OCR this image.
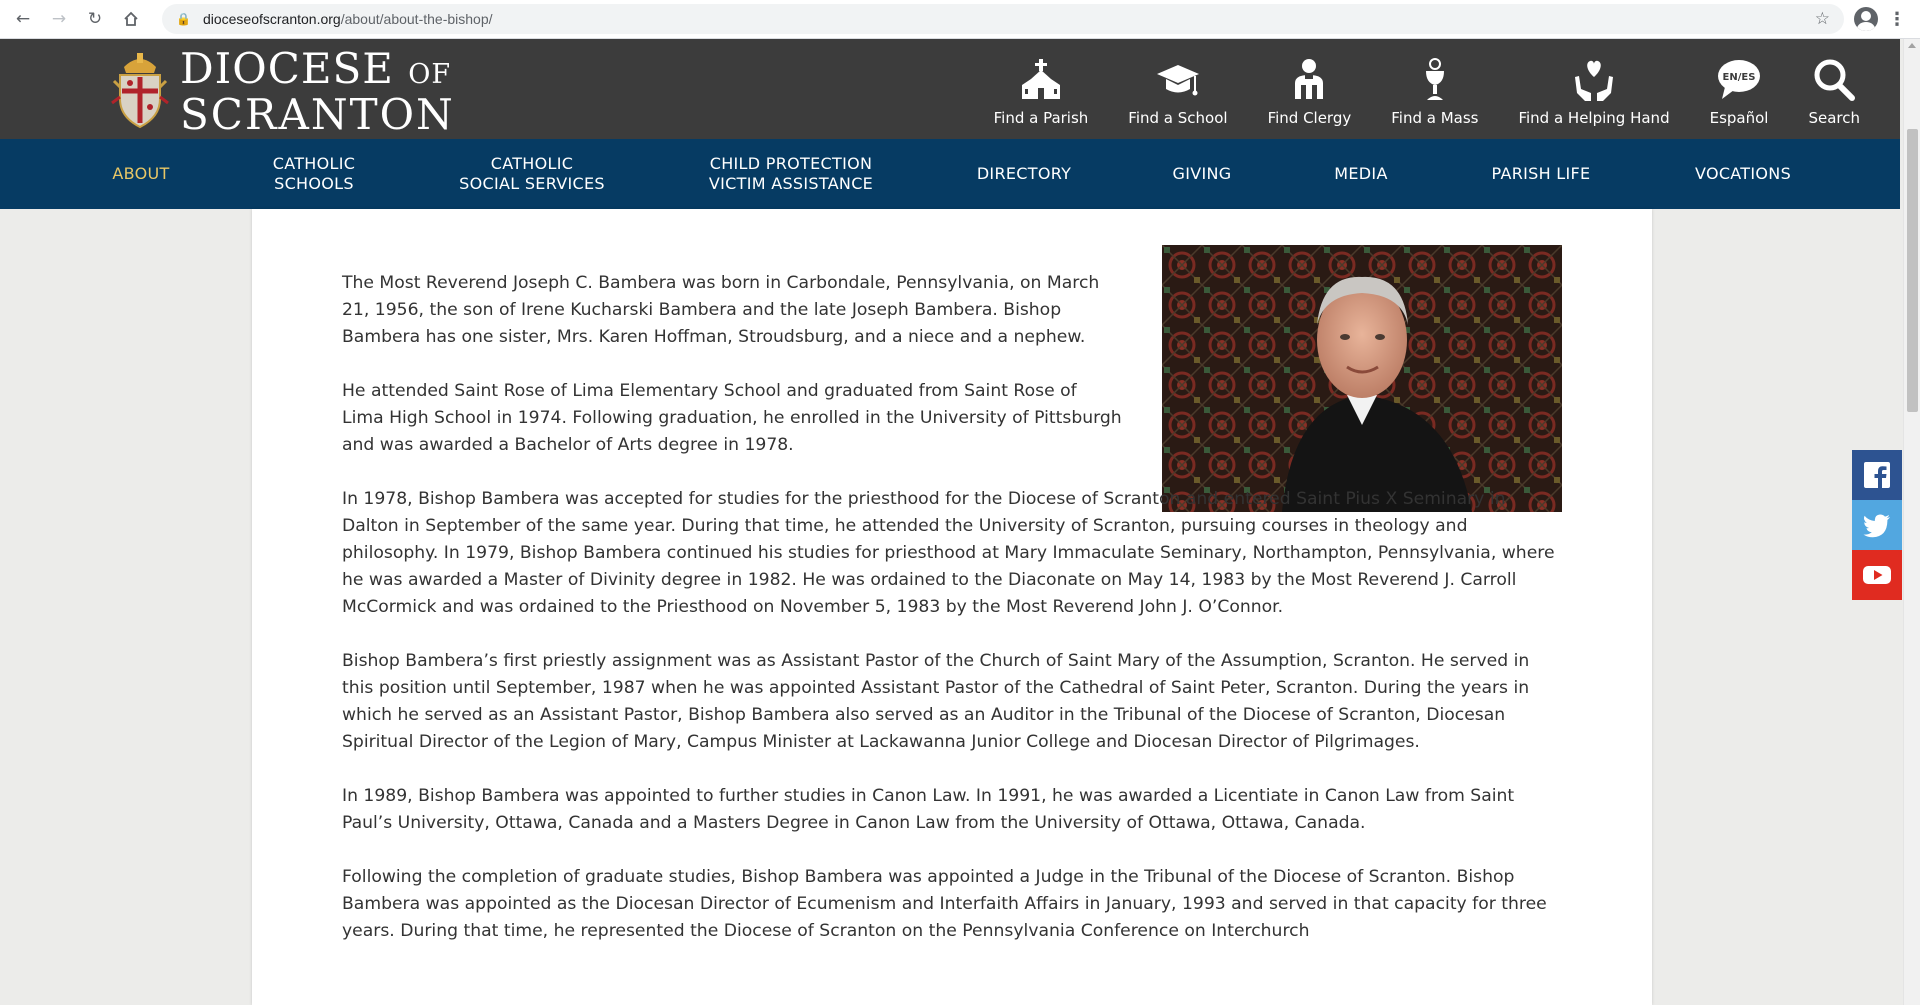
←	→	↻	🔒 dioceseofscranton.org /about/about-the-bishop/	☆	⋮
DIOCESE OF
SCRANTON	Find a Parish	Find a School	Find Clergy	Find a Mass	Find a Helping Hand
EN/ES
Español	Search
ABOUT
CATHOLIC
SCHOOLS
CATHOLIC
SOCIAL SERVICES
CHILD PROTECTION
VICTIM ASSISTANCE
DIRECTORY	GIVING	MEDIA	PARISH LIFE	VOCATIONS

The Most Reverend Joseph C. Bambera was born in Carbondale, Pennsylvania, on March 21, 1956, the son of Irene Kucharski Bambera and the late Joseph Bambera. Bishop Bambera has one sister, Mrs. Karen Hoffman, Stroudsburg, and a niece and a nephew.

He attended Saint Rose of Lima Elementary School and graduated from Saint Rose of Lima High School in 1974. Following graduation, he enrolled in the University of Pittsburgh and was awarded a Bachelor of Arts degree in 1978.

In 1978, Bishop Bambera was accepted for studies for the priesthood for the Diocese of Scranton and entered Saint Pius X Seminary in Dalton in September of the same year. During that time, he attended the University of Scranton, pursuing courses in theology and philosophy. In 1979, Bishop Bambera continued his studies for priesthood at Mary Immaculate Seminary, Northampton, Pennsylvania, where he was awarded a Master of Divinity degree in 1982. He was ordained to the Diaconate on May 14, 1983 by the Most Reverend J. Carroll McCormick and was ordained to the Priesthood on November 5, 1983 by the Most Reverend John J. O’Connor.

Bishop Bambera’s first priestly assignment was as Assistant Pastor of the Church of Saint Mary of the Assumption, Scranton. He served in this position until September, 1987 when he was appointed Assistant Pastor of the Cathedral of Saint Peter, Scranton. During the years in which he served as an Assistant Pastor, Bishop Bambera also served as an Auditor in the Tribunal of the Diocese of Scranton, Diocesan Spiritual Director of the Legion of Mary, Campus Minister at Lackawanna Junior College and Diocesan Director of Pilgrimages.

In 1989, Bishop Bambera was appointed to further studies in Canon Law. In 1991, he was awarded a Licentiate in Canon Law from Saint Paul’s University, Ottawa, Canada and a Masters Degree in Canon Law from the University of Ottawa, Ottawa, Canada.

Following the completion of graduate studies, Bishop Bambera was appointed a Judge in the Tribunal of the Diocese of Scranton. Bishop Bambera was appointed as the Diocesan Director of Ecumenism and Interfaith Affairs in January, 1993 and served in that capacity for three years. During that time, he represented the Diocese of Scranton on the Pennsylvania Conference on Interchurch
